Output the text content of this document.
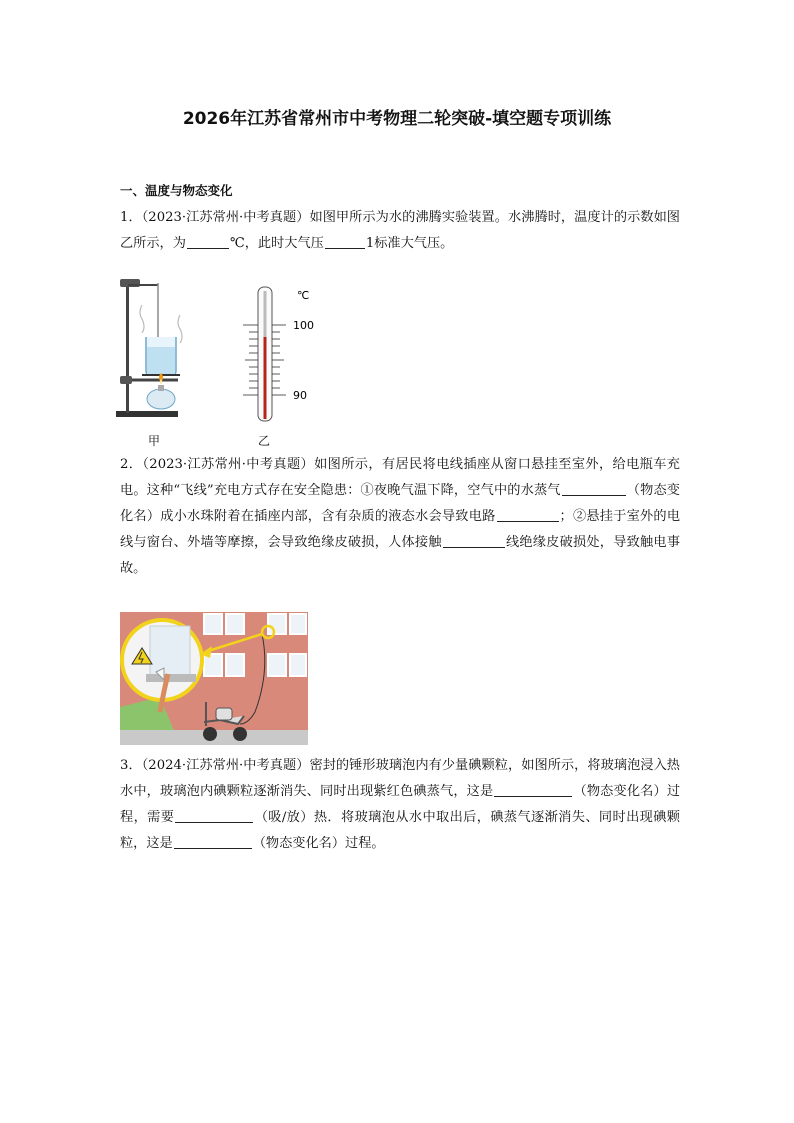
2026年江苏省常州市中考物理二轮突破-填空题专项训练
一、温度与物态变化
1．（2023·江苏常州·中考真题）如图甲所示为水的沸腾实验装置。水沸腾时，温度计的示数如图乙所示，为	℃，此时大气压	1标准大气压。
甲
℃
100
90
乙
2．（2023·江苏常州·中考真题）如图所示，有居民将电线插座从窗口悬挂至室外，给电瓶车充电。这种“飞线”充电方式存在安全隐患：①夜晚气温下降，空气中的水蒸气	（物态变化名）成小水珠附着在插座内部，含有杂质的液态水会导致电路	；②悬挂于室外的电线与窗台、外墙等摩擦，会导致绝缘皮破损，人体接触	线绝缘皮破损处，导致触电事故。
3．（2024·江苏常州·中考真题）密封的锤形玻璃泡内有少量碘颗粒，如图所示，将玻璃泡浸入热水中，玻璃泡内碘颗粒逐渐消失、同时出现紫红色碘蒸气，这是	（物态变化名）过程，需要	（吸/放）热．将玻璃泡从水中取出后，碘蒸气逐渐消失、同时出现碘颗粒，这是	（物态变化名）过程。
